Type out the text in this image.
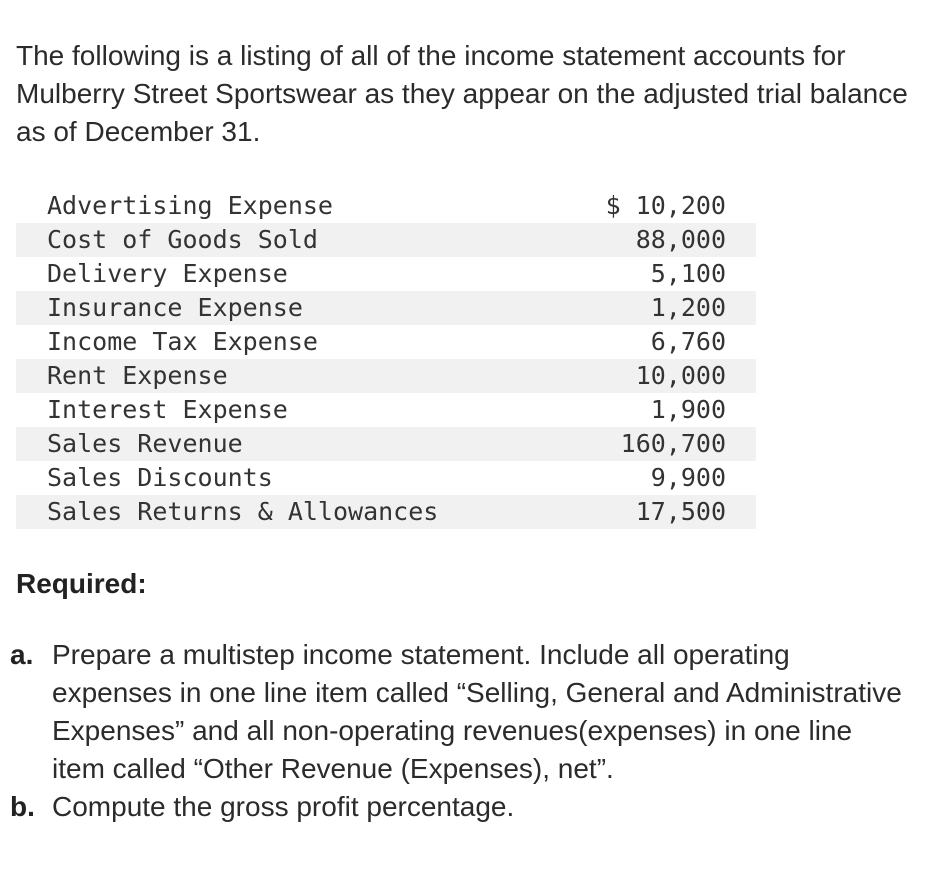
The following is a listing of all of the income statement accounts for Mulberry Street Sportswear as they appear on the adjusted trial balance as of December 31.

Advertising Expense	$ 10,200
Cost of Goods Sold	88,000
Delivery Expense	5,100
Insurance Expense	1,200
Income Tax Expense	6,760
Rent Expense	10,000
Interest Expense	1,900
Sales Revenue	160,700
Sales Discounts	9,900
Sales Returns & Allowances	17,500
Required:
a. Prepare a multistep income statement. Include all operating expenses in one line item called “Selling, General and Administrative Expenses” and all non-operating revenues(expenses) in one line item called “Other Revenue (Expenses), net”.
b. Compute the gross profit percentage.
